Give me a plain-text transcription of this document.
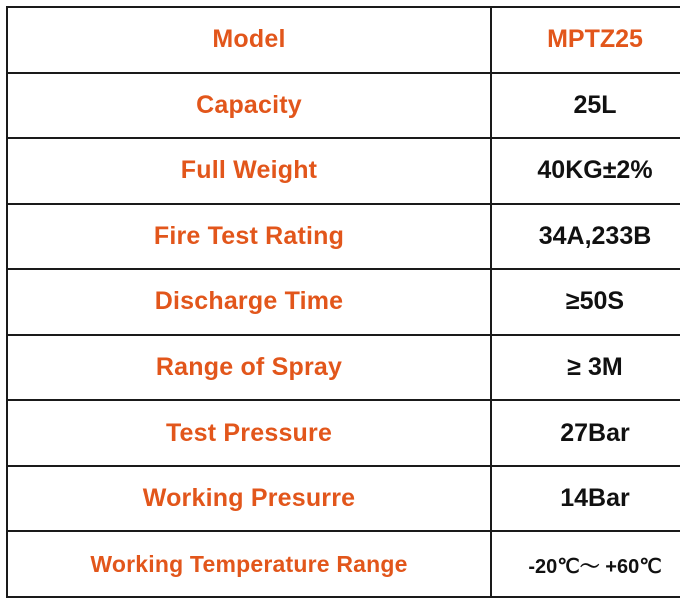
Model	MPTZ25
Capacity	25L
Full Weight	40KG±2%
Fire Test Rating	34A,233B
Discharge Time	≥50S
Range of Spray	≥ 3M
Test Pressure	27Bar
Working Presurre	14Bar
Working Temperature Range	-20℃～ +60℃
